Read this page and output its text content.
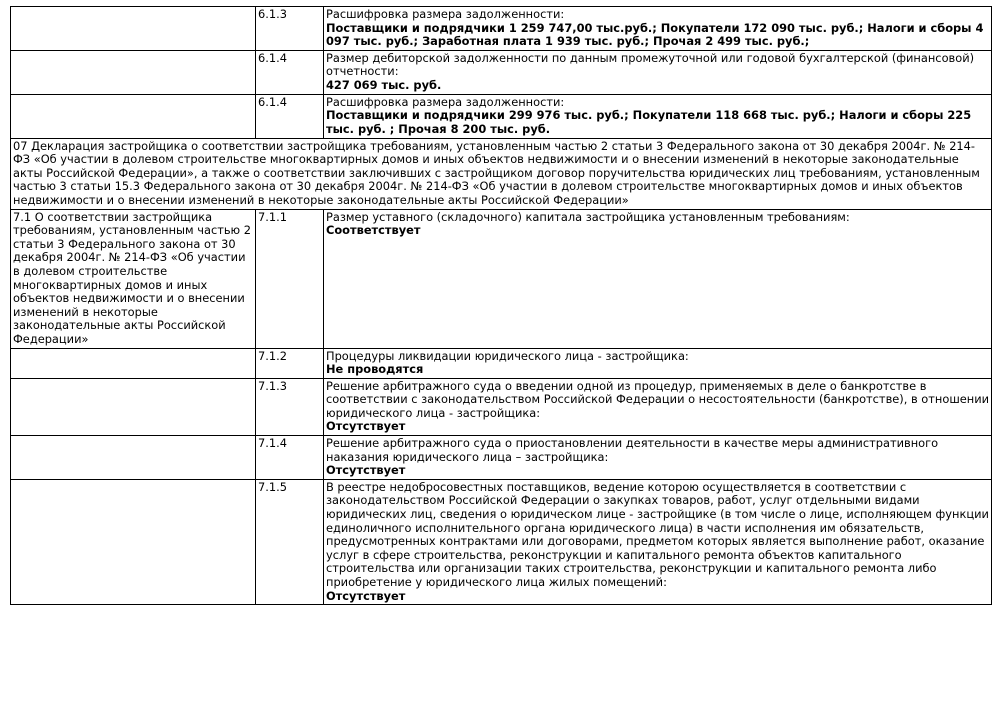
	6.1.3	Расшифровка размера задолженности:
Поставщики и подрядчики 1 259 747,00 тыс.руб.; Покупатели 172 090 тыс. руб.; Налоги и сборы 4 097 тыс. руб.; Заработная плата 1 939 тыс. руб.; Прочая 2 499 тыс. руб.;

	6.1.4	Размер дебиторской задолженности по данным промежуточной или годовой бухгалтерской (финансовой) отчетности:
427 069 тыс. руб.

	6.1.4	Расшифровка размера задолженности:
Поставщики и подрядчики 299 976 тыс. руб.; Покупатели 118 668 тыс. руб.; Налоги и сборы 225 тыс. руб. ; Прочая 8 200 тыс. руб.

07 Декларация застройщика о соответствии застройщика требованиям, установленным частью 2 статьи 3 Федерального закона от 30 декабря 2004г. № 214-ФЗ «Об участии в долевом строительстве многоквартирных домов и иных объектов недвижимости и о внесении изменений в некоторые законодательные акты Российской Федерации», а также о соответствии заключивших с застройщиком договор поручительства юридических лиц требованиям, установленным частью 3 статьи 15.3 Федерального закона от 30 декабря 2004г. № 214-ФЗ «Об участии в долевом строительстве многоквартирных домов и иных объектов недвижимости и о внесении изменений в некоторые законодательные акты Российской Федерации»		
7.1 О соответствии застройщика требованиям, установленным частью 2 статьи 3 Федерального закона от 30 декабря 2004г. № 214-ФЗ «Об участии в долевом строительстве многоквартирных домов и иных объектов недвижимости и о внесении изменений в некоторые законодательные акты Российской Федерации»	7.1.1	Размер уставного (складочного) капитала застройщика установленным требованиям:
Соответствует

	7.1.2	Процедуры ликвидации юридического лица - застройщика:
Не проводятся

	7.1.3	Решение арбитражного суда о введении одной из процедур, применяемых в деле о банкротстве в соответствии с законодательством Российской Федерации о несостоятельности (банкротстве), в отношении юридического лица - застройщика:
Отсутствует

	7.1.4	Решение арбитражного суда о приостановлении деятельности в качестве меры административного наказания юридического лица – застройщика:
Отсутствует

	7.1.5	В реестре недобросовестных поставщиков, ведение которою осуществляется в соответствии с законодательством Российской Федерации о закупках товаров, работ, услуг отдельными видами юридических лиц, сведения о юридическом лице - застройщике (в том числе о лице, исполняющем функции единоличного исполнительного органа юридического лица) в части исполнения им обязательств, предусмотренных контрактами или договорами, предметом которых является выполнение работ, оказание услуг в сфере строительства, реконструкции и капитального ремонта объектов капитального строительства или организации таких строительства, реконструкции и капитального ремонта либо приобретение у юридического лица жилых помещений:
Отсутствует
